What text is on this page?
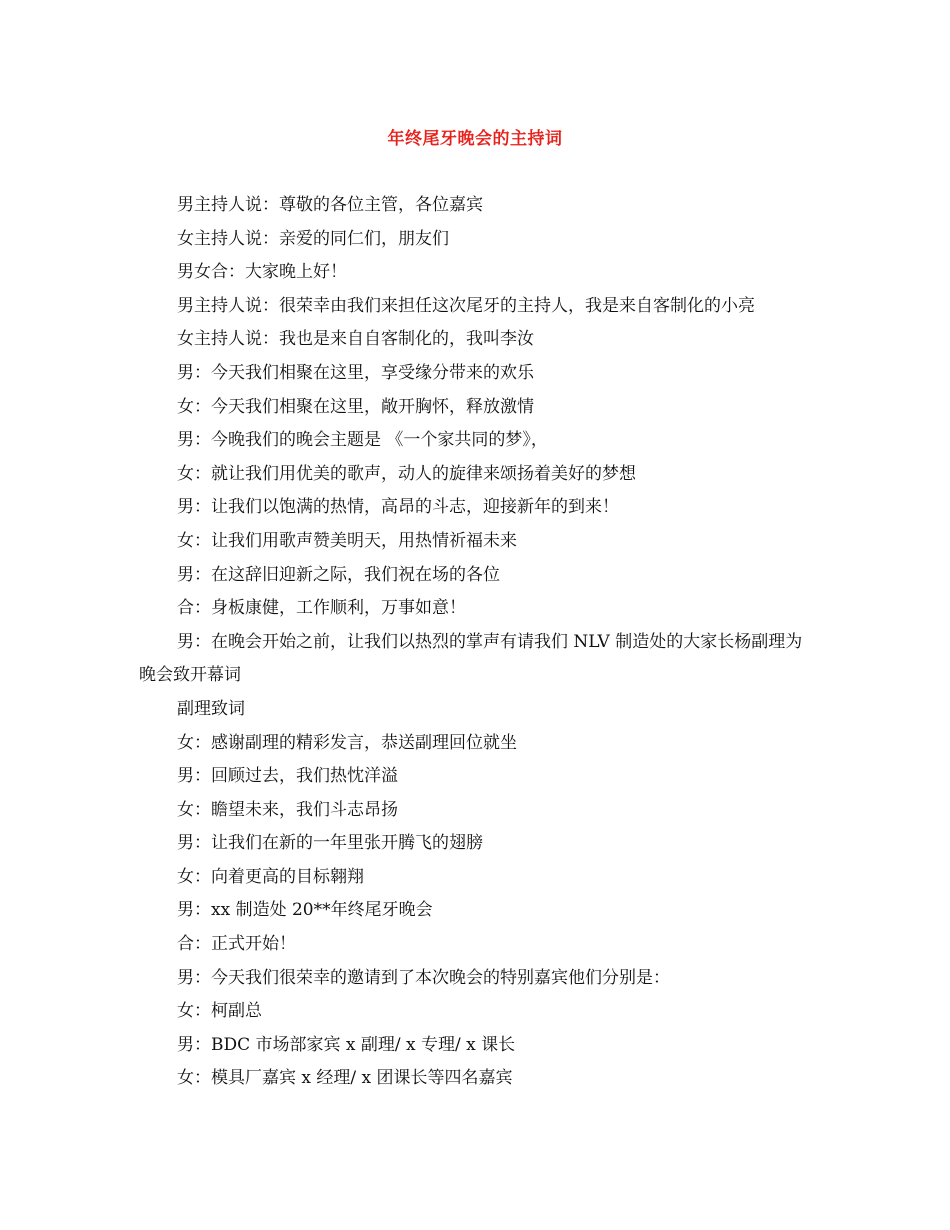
年终尾牙晚会的主持词

男主持人说：尊敬的各位主管，各位嘉宾

女主持人说：亲爱的同仁们，朋友们

男女合：大家晚上好！

男主持人说：很荣幸由我们来担任这次尾牙的主持人，我是来自客制化的小亮

女主持人说：我也是来自自客制化的，我叫李汝

男：今天我们相聚在这里，享受缘分带来的欢乐

女：今天我们相聚在这里，敞开胸怀，释放激情

男：今晚我们的晚会主题是 《一个家共同的梦》，

女：就让我们用优美的歌声，动人的旋律来颂扬着美好的梦想

男：让我们以饱满的热情，高昂的斗志，迎接新年的到来！

女：让我们用歌声赞美明天，用热情祈福未来

男：在这辞旧迎新之际，我们祝在场的各位

合：身板康健，工作顺利，万事如意！

男：在晚会开始之前，让我们以热烈的掌声有请我们 NLV 制造处的大家长杨副理为晚会致开幕词

副理致词

女：感谢副理的精彩发言，恭送副理回位就坐

男：回顾过去，我们热忱洋溢

女：瞻望未来，我们斗志昂扬

男：让我们在新的一年里张开腾飞的翅膀

女：向着更高的目标翱翔

男：xx 制造处 20**年终尾牙晚会

合：正式开始！

男：今天我们很荣幸的邀请到了本次晚会的特别嘉宾他们分别是：

女：柯副总

男：BDC 市场部家宾 x 副理/ x 专理/ x 课长

女：模具厂嘉宾 x 经理/ x 团课长等四名嘉宾
